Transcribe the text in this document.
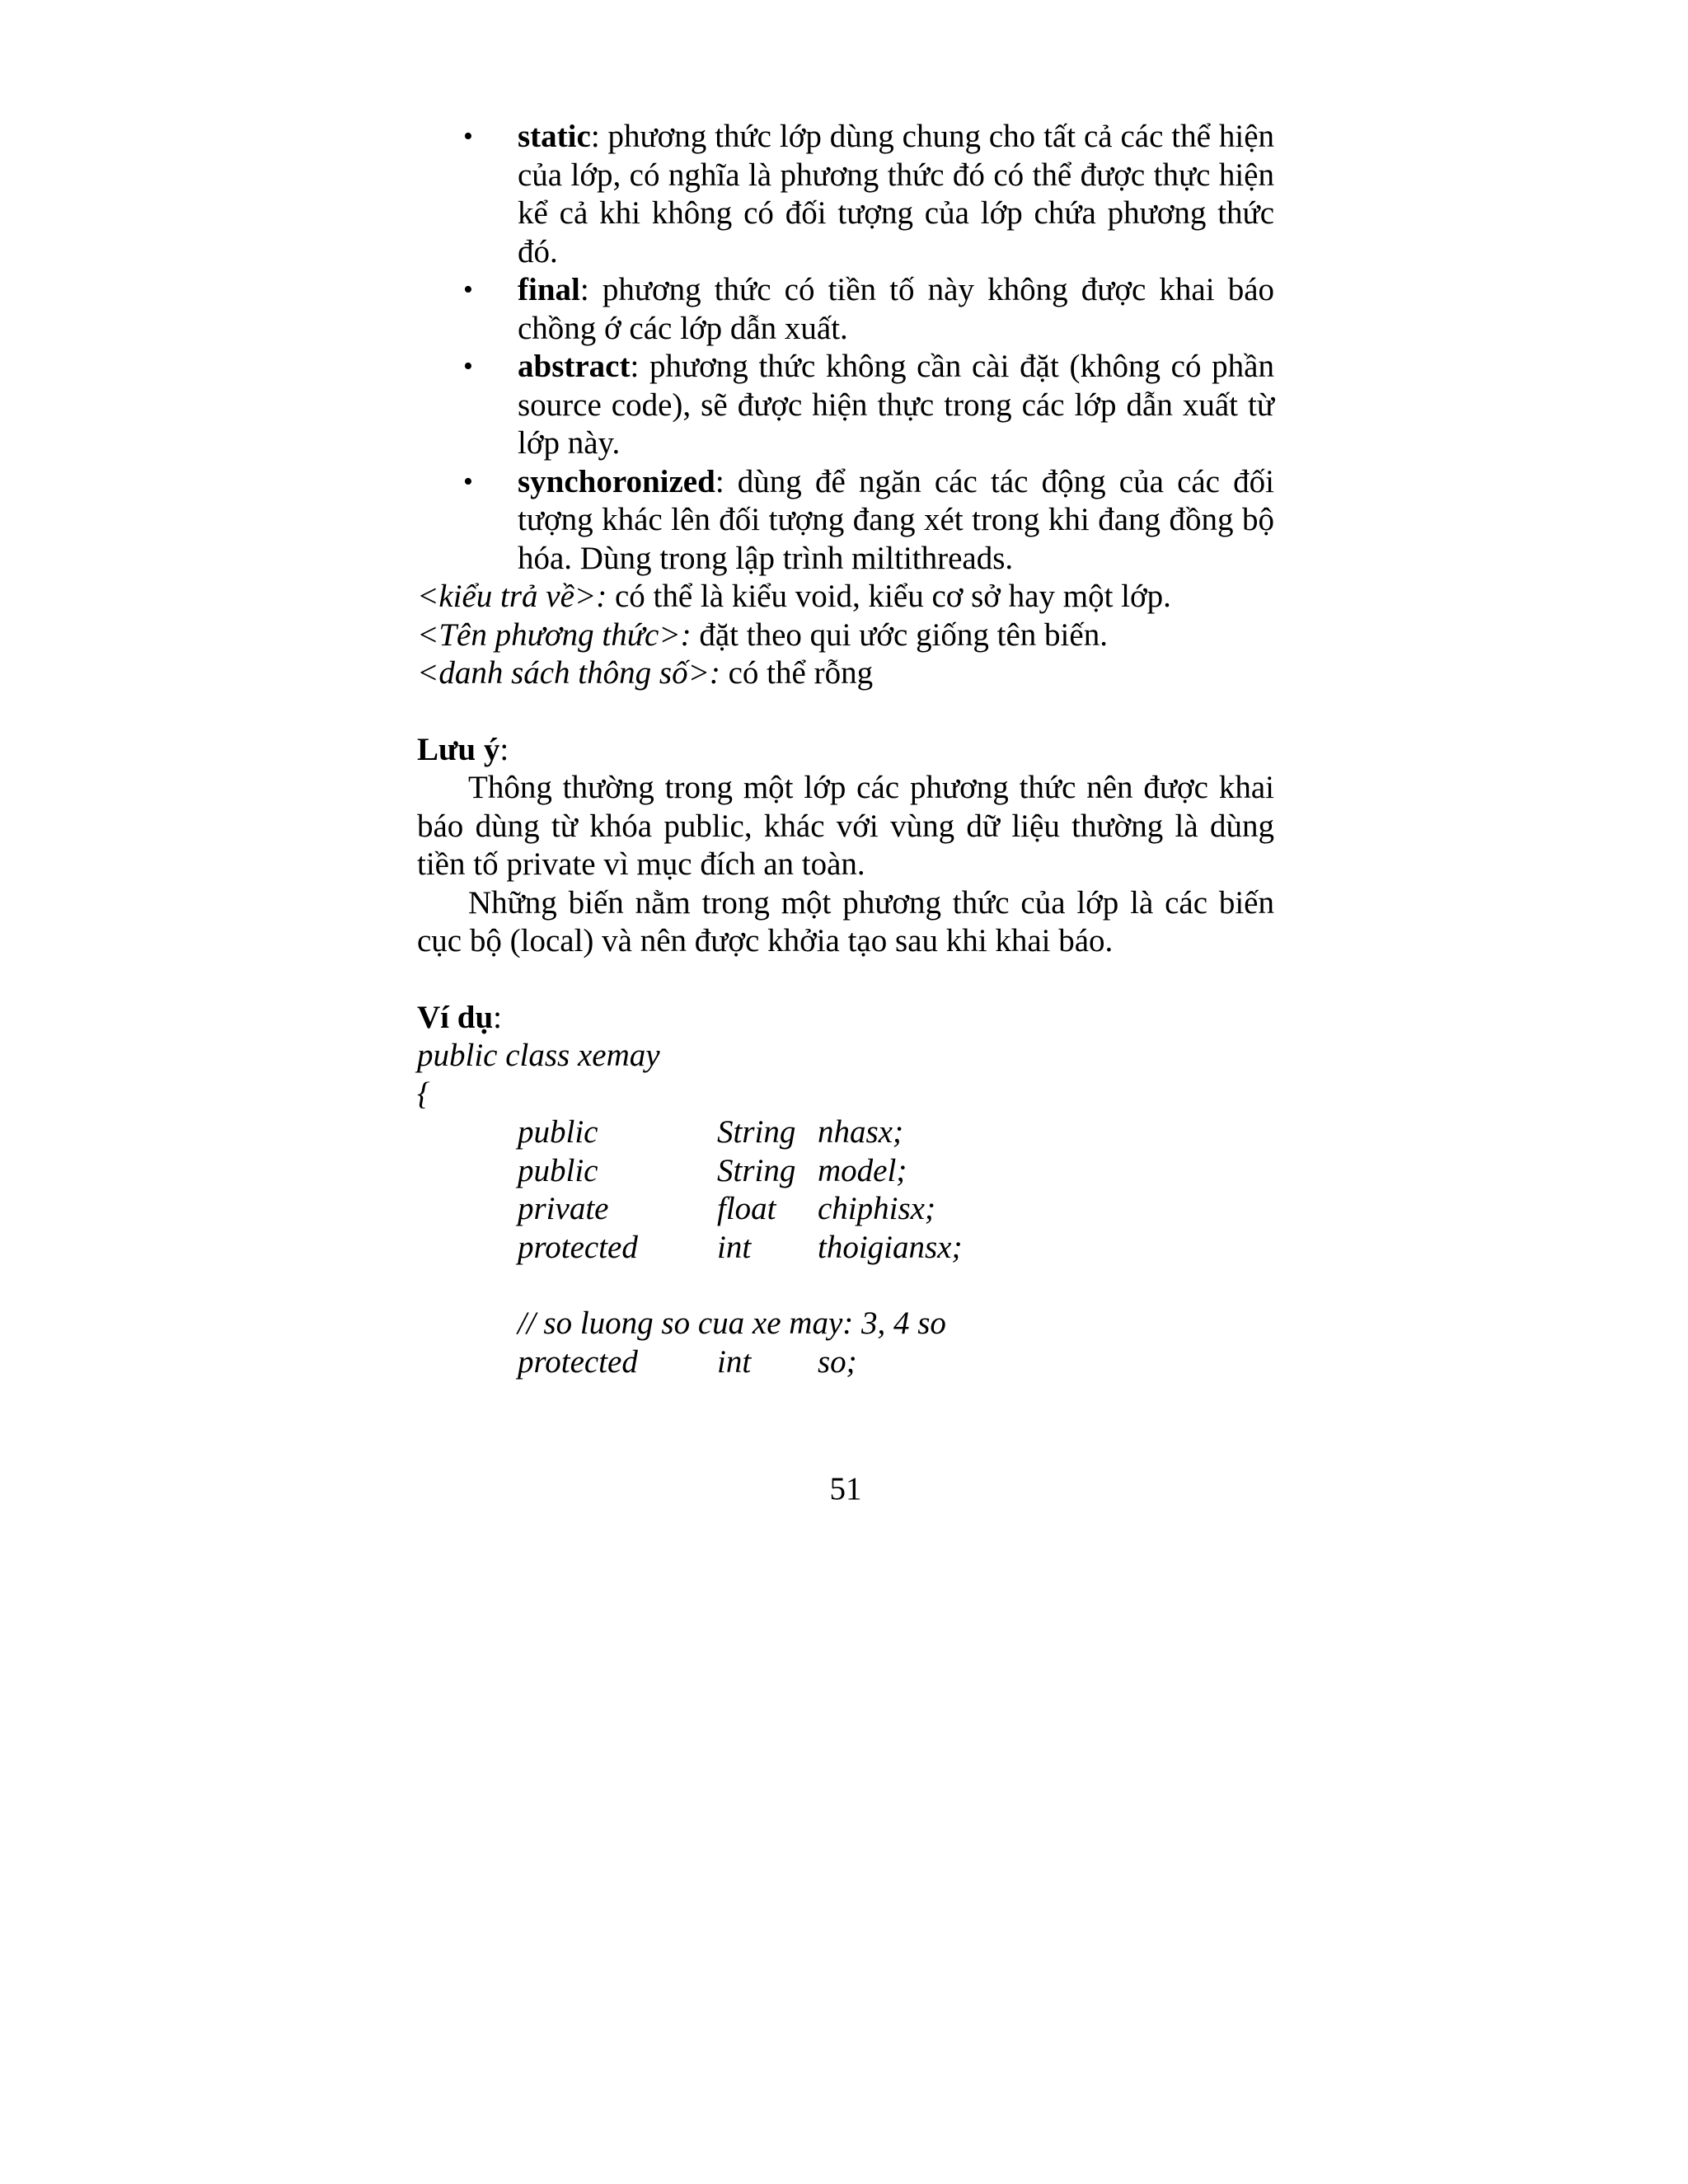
• static: phương thức lớp dùng chung cho tất cả các thể hiện của lớp, có nghĩa là phương thức đó có thể được thực hiện kể cả khi không có đối tượng của lớp chứa phương thức đó.
• final: phương thức có tiền tố này không được khai báo chồng ớ các lớp dẫn xuất.
• abstract: phương thức không cần cài đặt (không có phần source code), sẽ được hiện thực trong các lớp dẫn xuất từ lớp này.
• synchoronized: dùng để ngăn các tác động của các đối tượng khác lên đối tượng đang xét trong khi đang đồng bộ hóa. Dùng trong lập trình miltithreads.

<kiểu trả về>: có thể là kiểu void, kiểu cơ sở hay một lớp.

<Tên phương thức>: đặt theo qui ước giống tên biến.

<danh sách thông số>: có thể rỗng

Lưu ý:

Thông thường trong một lớp các phương thức nên được khai báo dùng từ khóa public, khác với vùng dữ liệu thường là dùng tiền tố private vì mục đích an toàn.

Những biến nằm trong một phương thức của lớp là các biến cục bộ (local) và nên được khởia tạo sau khi khai báo.

Ví dụ:

public class xemay

{

public	String nhasx;
public	String model;
private	float	chiphisx;
protected	int	thoigiansx;

// so luong so cua xe may: 3, 4 so

protected	int	so;
51
